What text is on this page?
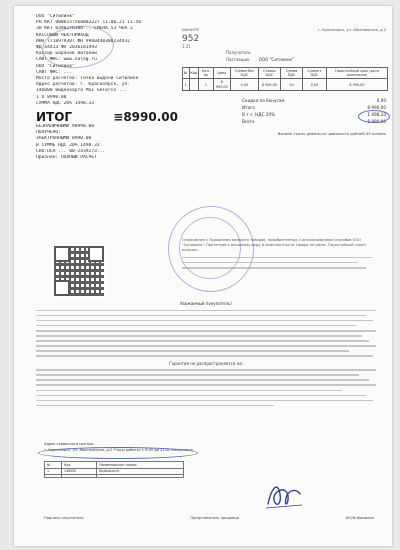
ООО "Ситилинк"
РН ККТ 0006157568003227 11.06.21 11:56
ЗН ККТ 0398276300... СМЕНА 53 ЧЕК 2
КАССОВЫЙ ЧЕК/ПРИХОД
ИНН 7718979307 ФН 9960440300234432
ФД 44413 ФП 2036181493
Кассир Баранов Виталий
САЙТ ФНС: www.nalog.ru
ООО "Ситилинк"
САЙТ ФНС: ...
Место расчетов: Точка выдачи Ситилинк
Адрес расчетов: г. Красноярск, ул.
146000 Видеокарта МSI GeForce ...
1 X 8990.00
СУММА НДС 20% 1498.33
ИТОГ	≡8990.00
БЕЗНАЛИЧНЫМИ ≡8990.00
ПОЛУЧЕНО:
ЭЛЕКТРОННЫМИ 8990.00
В СУММЕ НДС 20% 1498.33
СНО:ОСН ... 00-2439273...
Признак: ПОЛНЫЙ РАСЧЕТ
ИНН/КПП	г. Красноярск, ул. Абытаевская, д.2
952
3.21
Получатель
Поставщик ООО "Ситилинк"
№	Код	Кол-во	Цена	Сумма без НДС	Ставка НДС	Сумма НДС	Сумма с НДС	Гарантийный срок (дата окончания)
1		1	8 990,00	0,00	8 990,00	20	0,00	8 990,00
Скидка по бонусам	0,00
Итого	8 990,00
В т.ч. НДС 20%	1 498,33
Всего	8 990,00
Восемь тысяч девятьсот девяносто рублей 00 копеек

Ознакомлен с Правилами возврата товаров, приобретенных с использованием способов ООО "Ситилинк". Претензий к внешнему виду и комплектности товара не имею. Гарантийный талон получен.

Уважаемый покупатель!
Гарантия не распространяется на:
Адрес сервисного центра:
г. Красноярск, ул. Абытаевская, д.2 *Часы работы: с 9:00 до 21:00 ежедневно
№	Код	Наименование товара
1	146000	Видеокарта

Подпись покупателя	Представитель продавца	ИО/Ф.Фамилия
